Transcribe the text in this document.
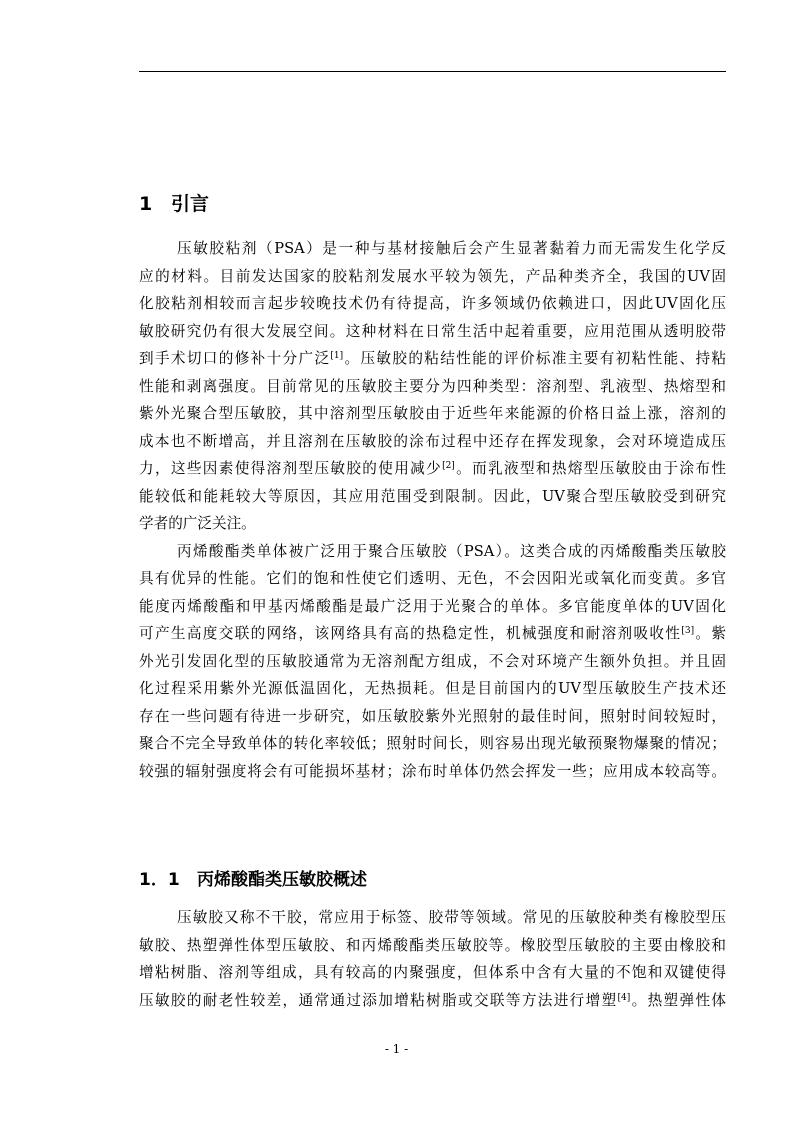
1 引言
压敏胶粘剂（PSA）是一种与基材接触后会产生显著黏着力而无需发生化学反
应的材料。目前发达国家的胶粘剂发展水平较为领先，产品种类齐全，我国的UV固
化胶粘剂相较而言起步较晚技术仍有待提高，许多领域仍依赖进口，因此UV固化压
敏胶研究仍有很大发展空间。这种材料在日常生活中起着重要，应用范围从透明胶带
到手术切口的修补十分广泛[1]。压敏胶的粘结性能的评价标准主要有初粘性能、持粘
性能和剥离强度。目前常见的压敏胶主要分为四种类型：溶剂型、乳液型、热熔型和
紫外光聚合型压敏胶，其中溶剂型压敏胶由于近些年来能源的价格日益上涨，溶剂的
成本也不断增高，并且溶剂在压敏胶的涂布过程中还存在挥发现象，会对环境造成压
力，这些因素使得溶剂型压敏胶的使用减少[2]。而乳液型和热熔型压敏胶由于涂布性
能较低和能耗较大等原因，其应用范围受到限制。因此，UV聚合型压敏胶受到研究
学者的广泛关注。
丙烯酸酯类单体被广泛用于聚合压敏胶（PSA）。这类合成的丙烯酸酯类压敏胶
具有优异的性能。它们的饱和性使它们透明、无色，不会因阳光或氧化而变黄。多官
能度丙烯酸酯和甲基丙烯酸酯是最广泛用于光聚合的单体。多官能度单体的UV固化
可产生高度交联的网络，该网络具有高的热稳定性，机械强度和耐溶剂吸收性[3]。紫
外光引发固化型的压敏胶通常为无溶剂配方组成，不会对环境产生额外负担。并且固
化过程采用紫外光源低温固化，无热损耗。但是目前国内的UV型压敏胶生产技术还
存在一些问题有待进一步研究，如压敏胶紫外光照射的最佳时间，照射时间较短时，
聚合不完全导致单体的转化率较低；照射时间长，则容易出现光敏预聚物爆聚的情况；
较强的辐射强度将会有可能损坏基材；涂布时单体仍然会挥发一些；应用成本较高等。
1．1 丙烯酸酯类压敏胶概述
压敏胶又称不干胶，常应用于标签、胶带等领域。常见的压敏胶种类有橡胶型压
敏胶、热塑弹性体型压敏胶、和丙烯酸酯类压敏胶等。橡胶型压敏胶的主要由橡胶和
增粘树脂、溶剂等组成，具有较高的内聚强度，但体系中含有大量的不饱和双键使得
压敏胶的耐老性较差，通常通过添加增粘树脂或交联等方法进行增塑[4]。热塑弹性体
- 1 -
